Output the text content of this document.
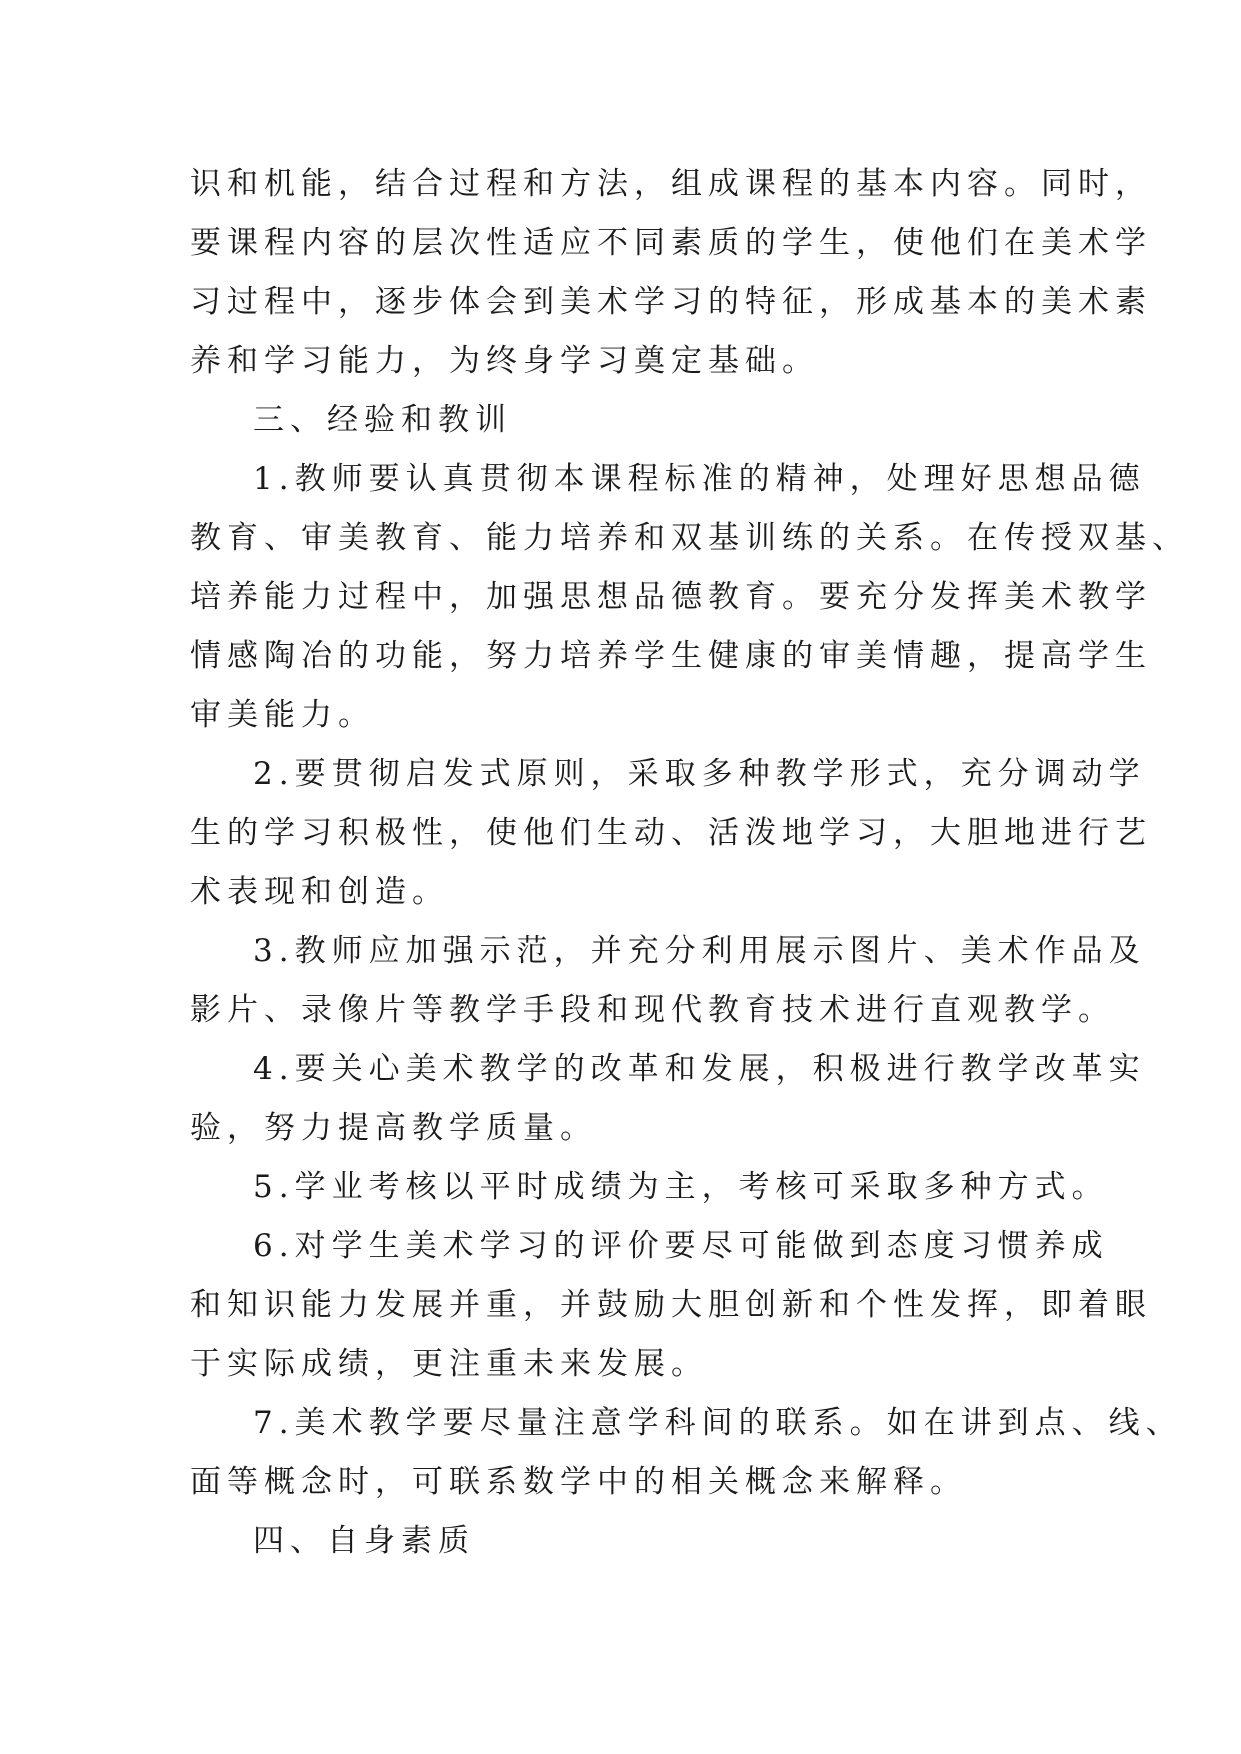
识和机能，结合过程和方法，组成课程的基本内容。同时，

要课程内容的层次性适应不同素质的学生，使他们在美术学

习过程中，逐步体会到美术学习的特征，形成基本的美术素

养和学习能力，为终身学习奠定基础。

三、经验和教训

1.教师要认真贯彻本课程标准的精神，处理好思想品德

教育、审美教育、能力培养和双基训练的关系。在传授双基、

培养能力过程中，加强思想品德教育。要充分发挥美术教学

情感陶冶的功能，努力培养学生健康的审美情趣，提高学生

审美能力。

2.要贯彻启发式原则，采取多种教学形式，充分调动学

生的学习积极性，使他们生动、活泼地学习，大胆地进行艺

术表现和创造。

3.教师应加强示范，并充分利用展示图片、美术作品及

影片、录像片等教学手段和现代教育技术进行直观教学。

4.要关心美术教学的改革和发展，积极进行教学改革实

验，努力提高教学质量。

5.学业考核以平时成绩为主，考核可采取多种方式。

6.对学生美术学习的评价要尽可能做到态度习惯养成

和知识能力发展并重，并鼓励大胆创新和个性发挥，即着眼

于实际成绩，更注重未来发展。

7.美术教学要尽量注意学科间的联系。如在讲到点、线、

面等概念时，可联系数学中的相关概念来解释。

四、自身素质
